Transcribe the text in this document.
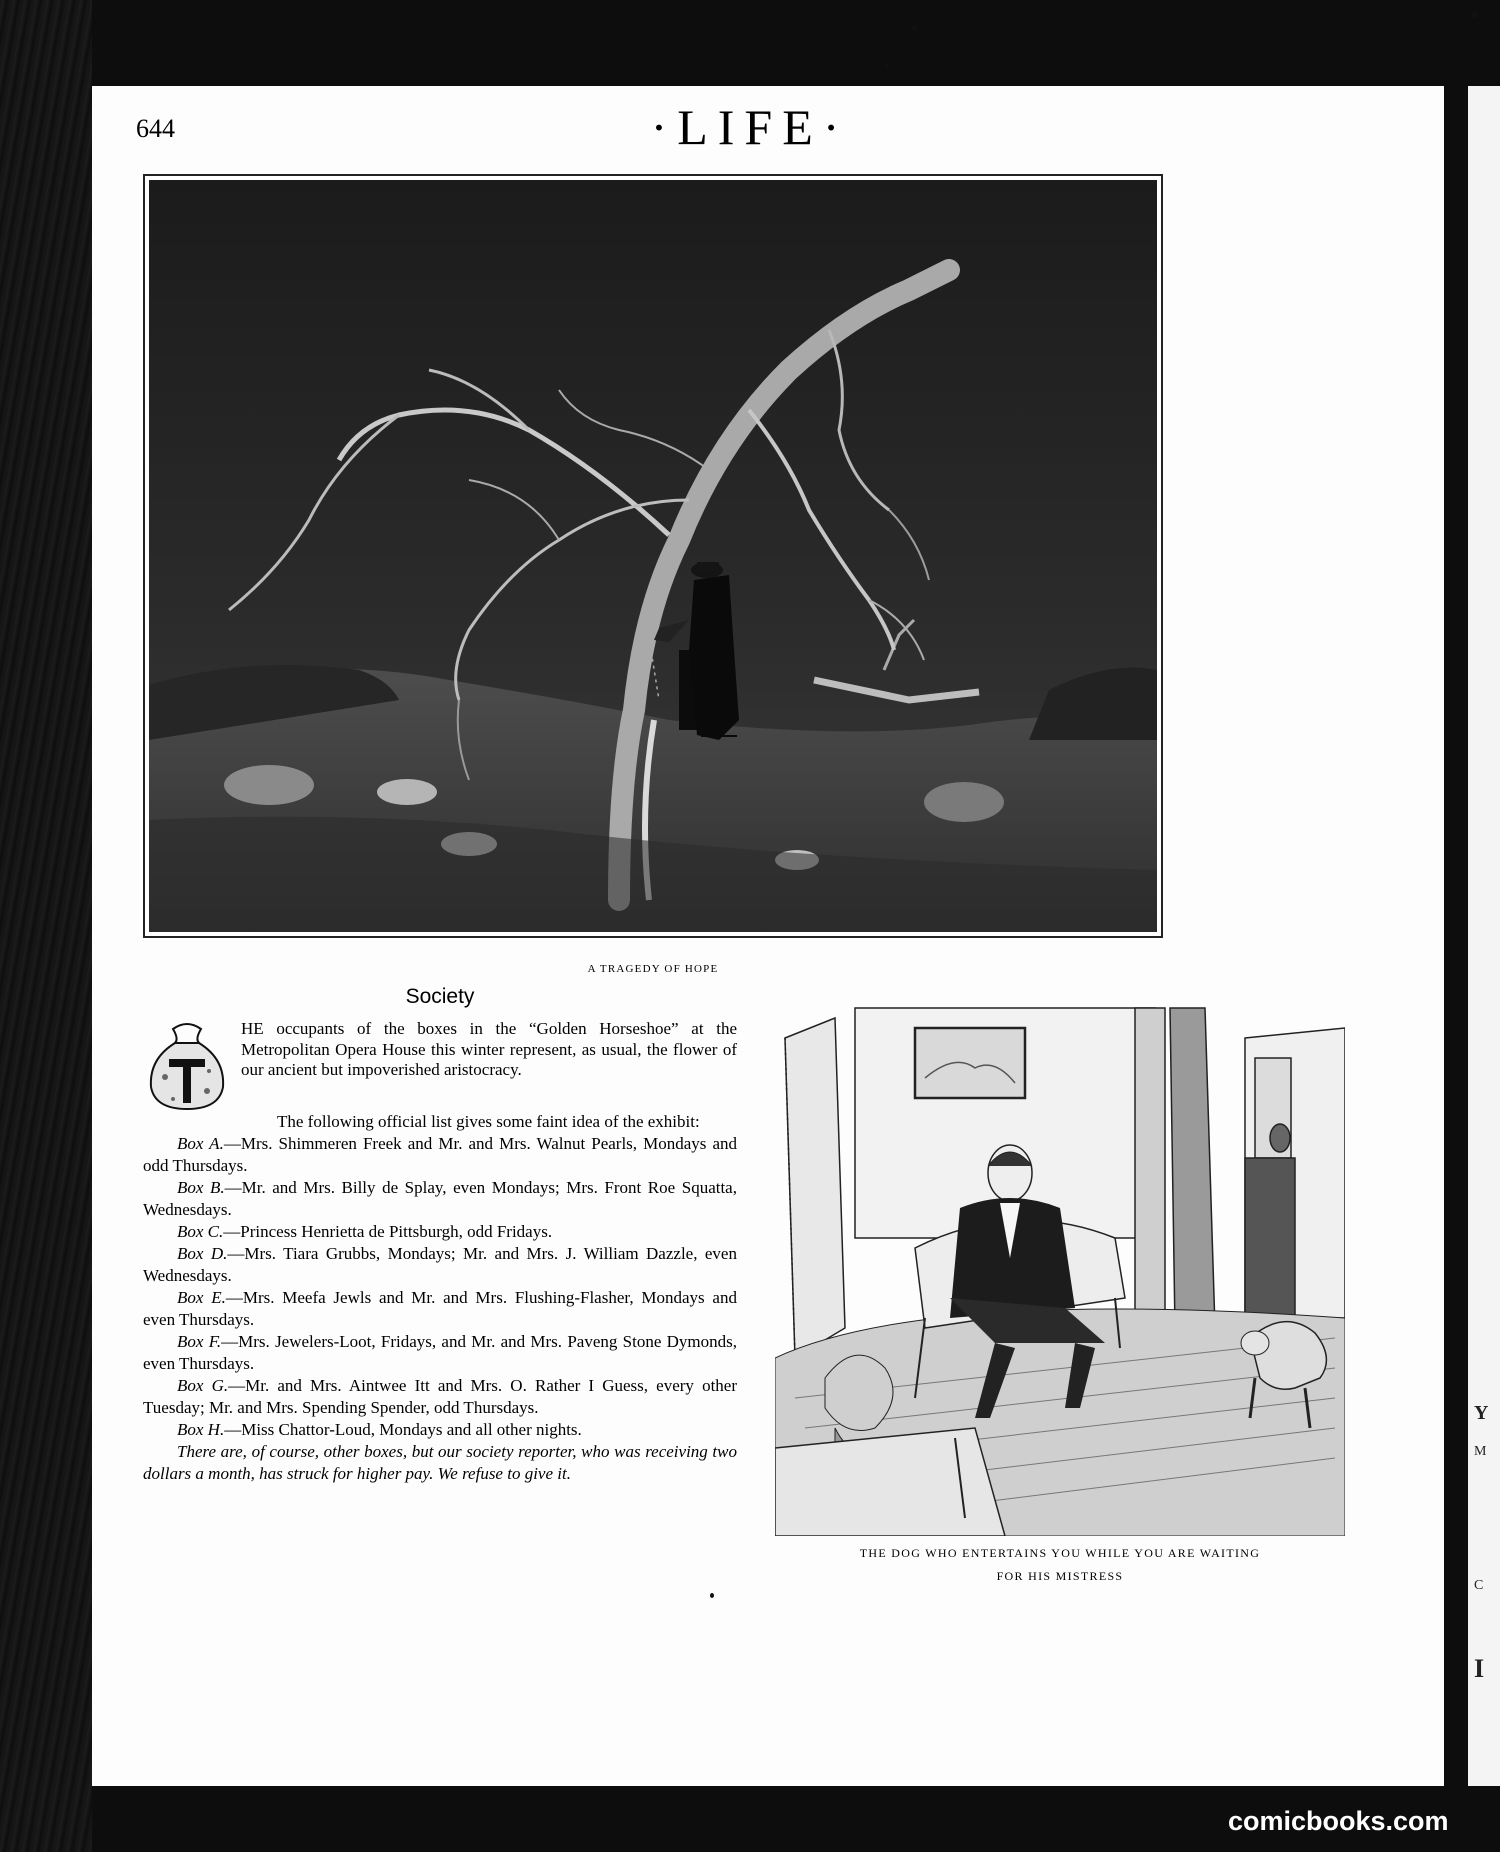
Y
M
C
I
644	·LIFE·
A TRAGEDY OF HOPE
Society
T

HE occupants of the boxes in the “Golden Horseshoe” at the Metropolitan Opera House this winter represent, as usual, the flower of our ancient but impoverished aristocracy.

The following official list gives some faint idea of the exhibit:

Box A.—Mrs. Shimmeren Freek and Mr. and Mrs. Walnut Pearls, Mondays and odd Thursdays.

Box B.—Mr. and Mrs. Billy de Splay, even Mondays; Mrs. Front Roe Squatta, Wednesdays.

Box C.—Princess Henrietta de Pittsburgh, odd Fridays.

Box D.—Mrs. Tiara Grubbs, Mondays; Mr. and Mrs. J. William Dazzle, even Wednesdays.

Box E.—Mrs. Meefa Jewls and Mr. and Mrs. Flushing-Flasher, Mondays and even Thursdays.

Box F.—Mrs. Jewelers-Loot, Fridays, and Mr. and Mrs. Paveng Stone Dymonds, even Thursdays.

Box G.—Mr. and Mrs. Aintwee Itt and Mrs. O. Rather I Guess, every other Tuesday; Mr. and Mrs. Spending Spender, odd Thursdays.

Box H.—Miss Chattor-Loud, Mondays and all other nights.

There are, of course, other boxes, but our society reporter, who was receiving two dollars a month, has struck for higher pay. We refuse to give it.

THE DOG WHO ENTERTAINS YOU WHILE YOU ARE WAITING
FOR HIS MISTRESS
comicbooks.com
